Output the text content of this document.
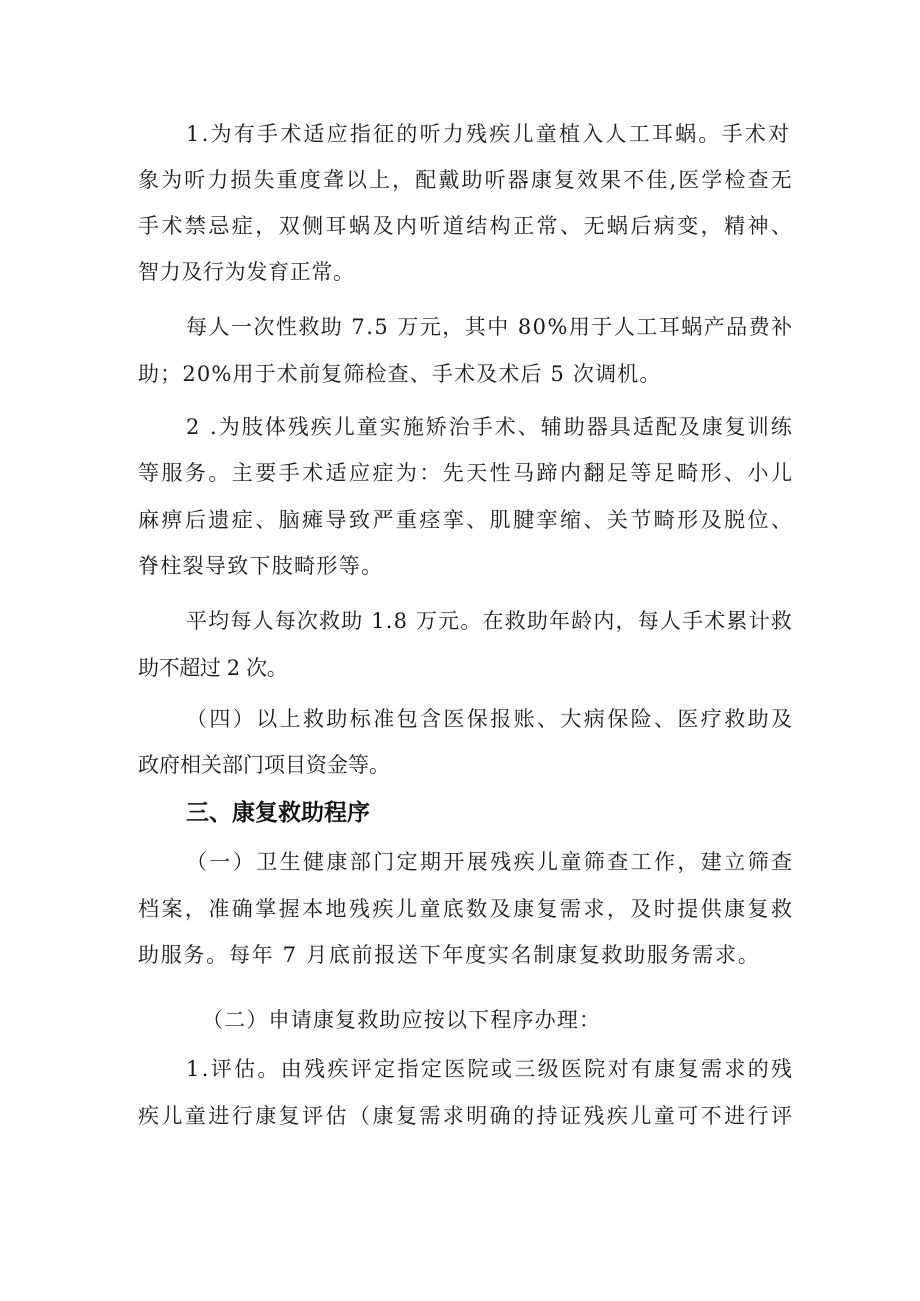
1.为有手术适应指征的听力残疾儿童植入人工耳蜗。手术对
象为听力损失重度聋以上，配戴助听器康复效果不佳,医学检查无
手术禁忌症，双侧耳蜗及内听道结构正常、无蜗后病变，精神、
智力及行为发育正常。
每人一次性救助 7.5 万元，其中 80%用于人工耳蜗产品费补
助；20%用于术前复筛检查、手术及术后 5 次调机。
2 .为肢体残疾儿童实施矫治手术、辅助器具适配及康复训练
等服务。主要手术适应症为：先天性马蹄内翻足等足畸形、小儿
麻痹后遗症、脑瘫导致严重痉挛、肌腱挛缩、关节畸形及脱位、
脊柱裂导致下肢畸形等。
平均每人每次救助 1.8 万元。在救助年龄内，每人手术累计救
助不超过 2 次。
（四）以上救助标准包含医保报账、大病保险、医疗救助及
政府相关部门项目资金等。
三、康复救助程序
（一）卫生健康部门定期开展残疾儿童筛查工作，建立筛查
档案，准确掌握本地残疾儿童底数及康复需求，及时提供康复救
助服务。每年 7 月底前报送下年度实名制康复救助服务需求。
（二）申请康复救助应按以下程序办理：
1.评估。由残疾评定指定医院或三级医院对有康复需求的残
疾儿童进行康复评估（康复需求明确的持证残疾儿童可不进行评
